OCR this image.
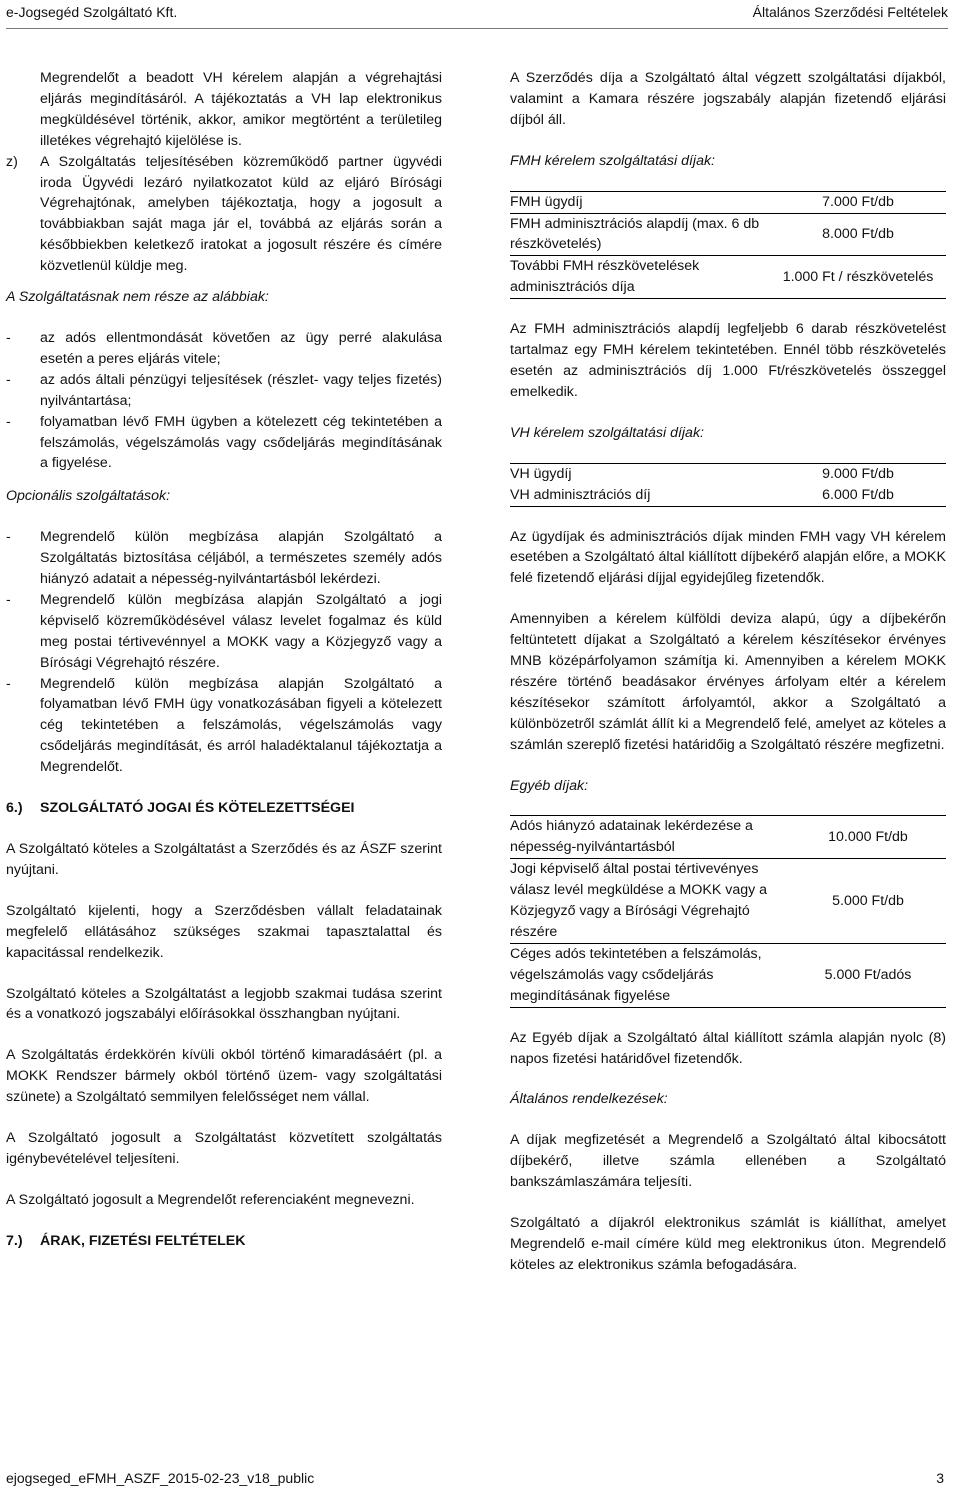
e-Jogsegéd Szolgáltató Kft.	Általános Szerződési Feltételek

Megrendelőt a beadott VH kérelem alapján a végrehajtási eljárás megindításáról. A tájékoztatás a VH lap elektronikus megküldésével történik, akkor, amikor megtörtént a területileg illetékes végrehajtó kijelölése is.

z) A Szolgáltatás teljesítésében közreműködő partner ügyvédi iroda Ügyvédi lezáró nyilatkozatot küld az eljáró Bírósági Végrehajtónak, amelyben tájékoztatja, hogy a jogosult a továbbiakban saját maga jár el, továbbá az eljárás során a későbbiekben keletkező iratokat a jogosult részére és címére közvetlenül küldje meg.

A Szolgáltatásnak nem része az alábbiak:

- az adós ellentmondását követően az ügy perré alakulása esetén a peres eljárás vitele;
- az adós általi pénzügyi teljesítések (részlet- vagy teljes fizetés) nyilvántartása;
- folyamatban lévő FMH ügyben a kötelezett cég tekintetében a felszámolás, végelszámolás vagy csődeljárás megindításának a figyelése.

Opcionális szolgáltatások:

- Megrendelő külön megbízása alapján Szolgáltató a Szolgáltatás biztosítása céljából, a természetes személy adós hiányzó adatait a népesség-nyilvántartásból lekérdezi.
- Megrendelő külön megbízása alapján Szolgáltató a jogi képviselő közreműködésével válasz levelet fogalmaz és küld meg postai tértivevénnyel a MOKK vagy a Közjegyző vagy a Bírósági Végrehajtó részére.
- Megrendelő külön megbízása alapján Szolgáltató a folyamatban lévő FMH ügy vonatkozásában figyeli a kötelezett cég tekintetében a felszámolás, végelszámolás vagy csődeljárás megindítását, és arról haladéktalanul tájékoztatja a Megrendelőt.
6.)	SZOLGÁLTATÓ JOGAI ÉS KÖTELEZETTSÉGEI

A Szolgáltató köteles a Szolgáltatást a Szerződés és az ÁSZF szerint nyújtani.

Szolgáltató kijelenti, hogy a Szerződésben vállalt feladatainak megfelelő ellátásához szükséges szakmai tapasztalattal és kapacitással rendelkezik.

Szolgáltató köteles a Szolgáltatást a legjobb szakmai tudása szerint és a vonatkozó jogszabályi előírásokkal összhangban nyújtani.

A Szolgáltatás érdekkörén kívüli okból történő kimaradásáért (pl. a MOKK Rendszer bármely okból történő üzem- vagy szolgáltatási szünete) a Szolgáltató semmilyen felelősséget nem vállal.

A Szolgáltató jogosult a Szolgáltatást közvetített szolgáltatás igénybevételével teljesíteni.

A Szolgáltató jogosult a Megrendelőt referenciaként megnevezni.

7.)	ÁRAK, FIZETÉSI FELTÉTELEK

A Szerződés díja a Szolgáltató által végzett szolgáltatási díjakból, valamint a Kamara részére jogszabály alapján fizetendő eljárási díjból áll.

FMH kérelem szolgáltatási díjak:

FMH ügydíj	7.000 Ft/db
FMH adminisztrációs alapdíj (max. 6 db részkövetelés)	8.000 Ft/db
További FMH részkövetelések adminisztrációs díja	1.000 Ft / részkövetelés

Az FMH adminisztrációs alapdíj legfeljebb 6 darab részkövetelést tartalmaz egy FMH kérelem tekintetében. Ennél több részkövetelés esetén az adminisztrációs díj 1.000 Ft/részkövetelés összeggel emelkedik.

VH kérelem szolgáltatási díjak:

VH ügydíj	9.000 Ft/db
VH adminisztrációs díj	6.000 Ft/db

Az ügydíjak és adminisztrációs díjak minden FMH vagy VH kérelem esetében a Szolgáltató által kiállított díjbekérő alapján előre, a MOKK felé fizetendő eljárási díjjal egyidejűleg fizetendők.

Amennyiben a kérelem külföldi deviza alapú, úgy a díjbekérőn feltüntetett díjakat a Szolgáltató a kérelem készítésekor érvényes MNB középárfolyamon számítja ki. Amennyiben a kérelem MOKK részére történő beadásakor érvényes árfolyam eltér a kérelem készítésekor számított árfolyamtól, akkor a Szolgáltató a különbözetről számlát állít ki a Megrendelő felé, amelyet az köteles a számlán szereplő fizetési határidőig a Szolgáltató részére megfizetni.

Egyéb díjak:

Adós hiányzó adatainak lekérdezése a népesség-nyilvántartásból	10.000 Ft/db
Jogi képviselő által postai tértivevényes válasz levél megküldése a MOKK vagy a Közjegyző vagy a Bírósági Végrehajtó részére	5.000 Ft/db
Céges adós tekintetében a felszámolás, végelszámolás vagy csődeljárás megindításának figyelése	5.000 Ft/adós

Az Egyéb díjak a Szolgáltató által kiállított számla alapján nyolc (8) napos fizetési határidővel fizetendők.

Általános rendelkezések:

A díjak megfizetését a Megrendelő a Szolgáltató által kibocsátott díjbekérő, illetve számla ellenében a Szolgáltató bankszámlaszámára teljesíti.

Szolgáltató a díjakról elektronikus számlát is kiállíthat, amelyet Megrendelő e-mail címére küld meg elektronikus úton. Megrendelő köteles az elektronikus számla befogadására.

ejogseged_eFMH_ASZF_2015-02-23_v18_public	3
